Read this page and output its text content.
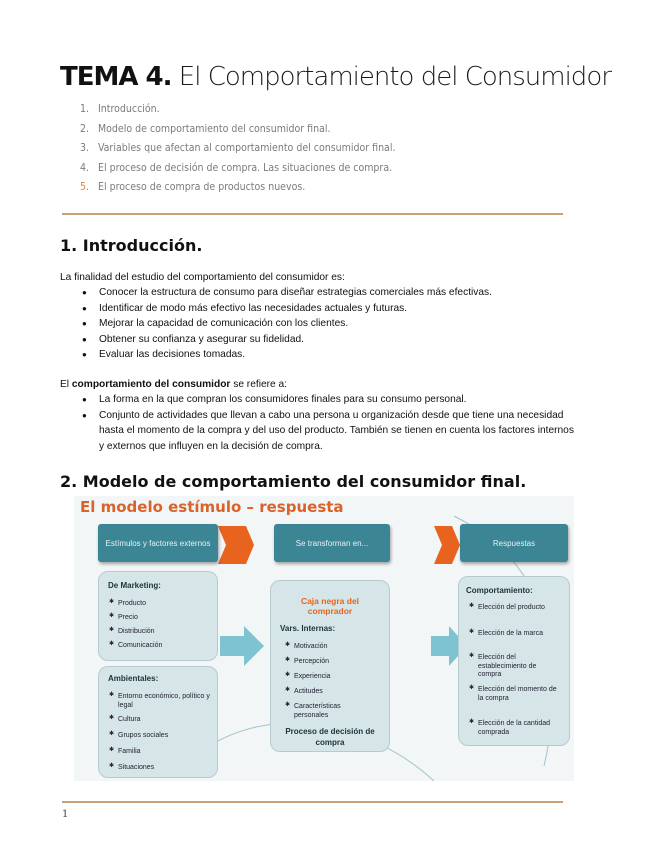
TEMA 4. El Comportamiento del Consumidor
1. Introducción.
2. Modelo de comportamiento del consumidor final.
3. Variables que afectan al comportamiento del consumidor final.
4. El proceso de decisión de compra. Las situaciones de compra.
5. El proceso de compra de productos nuevos.
1. Introducción.
La finalidad del estudio del comportamiento del consumidor es:
● Conocer la estructura de consumo para diseñar estrategias comerciales más efectivas.
● Identificar de modo más efectivo las necesidades actuales y futuras.
● Mejorar la capacidad de comunicación con los clientes.
● Obtener su confianza y asegurar su fidelidad.
● Evaluar las decisiones tomadas.
El comportamiento del consumidor se refiere a:
● La forma en la que compran los consumidores finales para su consumo personal.
● Conjunto de actividades que llevan a cabo una persona u organización desde que tiene una necesidad hasta el momento de la compra y del uso del producto. También se tienen en cuenta los factores internos y externos que influyen en la decisión de compra.
2. Modelo de comportamiento del consumidor final.
El modelo estímulo – respuesta
Estímulos y factores externos	Se transforman en...	Respuestas
De Marketing:
✱ Producto
✱ Precio
✱ Distribución
✱ Comunicación
Ambientales:
✱ Entorno económico, político y legal
✱ Cultura
✱ Grupos sociales
✱ Familia
✱ Situaciones
Caja negra del comprador
Vars. Internas:
✱ Motivación
✱ Percepción
✱ Experiencia
✱ Actitudes
✱ Características personales
Proceso de decisión de compra
Comportamiento:
✱ Elección del producto
✱ Elección de la marca
✱ Elección del establecimiento de compra
✱ Elección del momento de la compra
✱ Elección de la cantidad comprada
1
